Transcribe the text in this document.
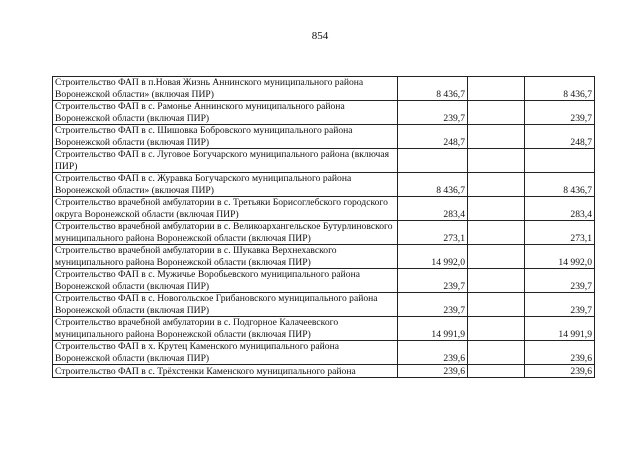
854
Строительство ФАП в п.Новая Жизнь Аннинского муниципального района Воронежской области» (включая ПИР)	8 436,7		8 436,7
Строительство ФАП в с. Рамонье Аннинского муниципального района Воронежской области (включая ПИР)	239,7		239,7
Строительство ФАП в с. Шишовка Бобровского муниципального района Воронежской области (включая ПИР)	248,7		248,7
Строительство ФАП в с. Луговое Богучарского муниципального района (включая ПИР)			
Строительство ФАП в с. Журавка Богучарского муниципального района Воронежской области» (включая ПИР)	8 436,7		8 436,7
Строительство врачебной амбулатории в с. Третьяки Борисоглебского городского округа Воронежской области (включая ПИР)	283,4		283,4
Строительство врачебной амбулатории в с. Великоархангельское Бутурлиновского муниципального района Воронежской области (включая ПИР)	273,1		273,1
Строительство врачебной амбулатории в с. Шукавка Верхнехавского муниципального района Воронежской области (включая ПИР)	14 992,0		14 992,0
Строительство ФАП в с. Мужичье Воробьевского муниципального района Воронежской области (включая ПИР)	239,7		239,7
Строительство ФАП в с. Новогольское Грибановского муниципального района Воронежской области (включая ПИР)	239,7		239,7
Строительство врачебной амбулатории в с. Подгорное Калачеевского муниципального района Воронежской области (включая ПИР)	14 991,9		14 991,9
Строительство ФАП в х. Крутец Каменского муниципального района Воронежской области (включая ПИР)	239,6		239,6
Строительство ФАП в с. Трёхстенки Каменского муниципального района	239,6		239,6
